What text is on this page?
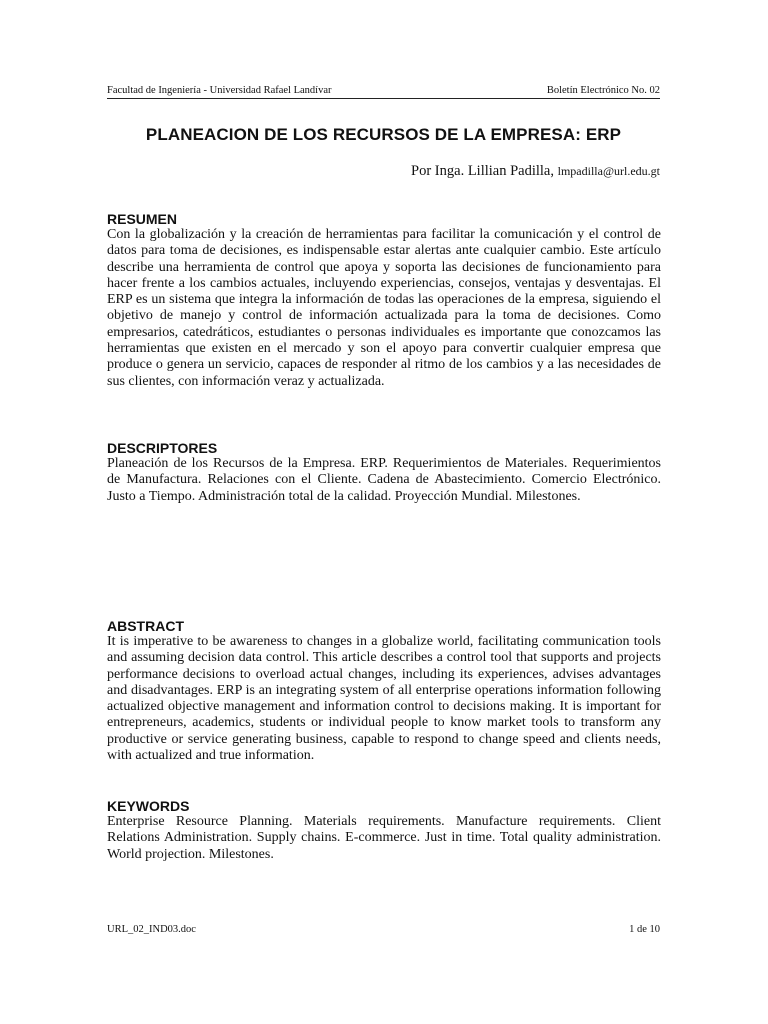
Facultad de Ingeniería - Universidad Rafael Landívar	Boletín Electrónico No. 02
PLANEACION DE LOS RECURSOS DE LA EMPRESA: ERP
Por Inga. Lillian Padilla, lmpadilla@url.edu.gt
RESUMEN

Con la globalización y la creación de herramientas para facilitar la comunicación y el control de datos para toma de decisiones, es indispensable estar alertas ante cualquier cambio. Este artículo describe una herramienta de control que apoya y soporta las decisiones de funcionamiento para hacer frente a los cambios actuales, incluyendo experiencias, consejos, ventajas y desventajas. El ERP es un sistema que integra la información de todas las operaciones de la empresa, siguiendo el objetivo de manejo y control de información actualizada para la toma de decisiones. Como empresarios, catedráticos, estudiantes o personas individuales es importante que conozcamos las herramientas que existen en el mercado y son el apoyo para convertir cualquier empresa que produce o genera un servicio, capaces de responder al ritmo de los cambios y a las necesidades de sus clientes, con información veraz y actualizada.

DESCRIPTORES

Planeación de los Recursos de la Empresa. ERP. Requerimientos de Materiales. Requerimientos de Manufactura. Relaciones con el Cliente. Cadena de Abastecimiento. Comercio Electrónico. Justo a Tiempo. Administración total de la calidad. Proyección Mundial. Milestones.

ABSTRACT

It is imperative to be awareness to changes in a globalize world, facilitating communication tools and assuming decision data control. This article describes a control tool that supports and projects performance decisions to overload actual changes, including its experiences, advises advantages and disadvantages. ERP is an integrating system of all enterprise operations information following actualized objective management and information control to decisions making. It is important for entrepreneurs, academics, students or individual people to know market tools to transform any productive or service generating business, capable to respond to change speed and clients needs, with actualized and true information.

KEYWORDS

Enterprise Resource Planning. Materials requirements. Manufacture requirements. Client Relations Administration. Supply chains. E-commerce. Just in time. Total quality administration. World projection. Milestones.

URL_02_IND03.doc	1 de 10
